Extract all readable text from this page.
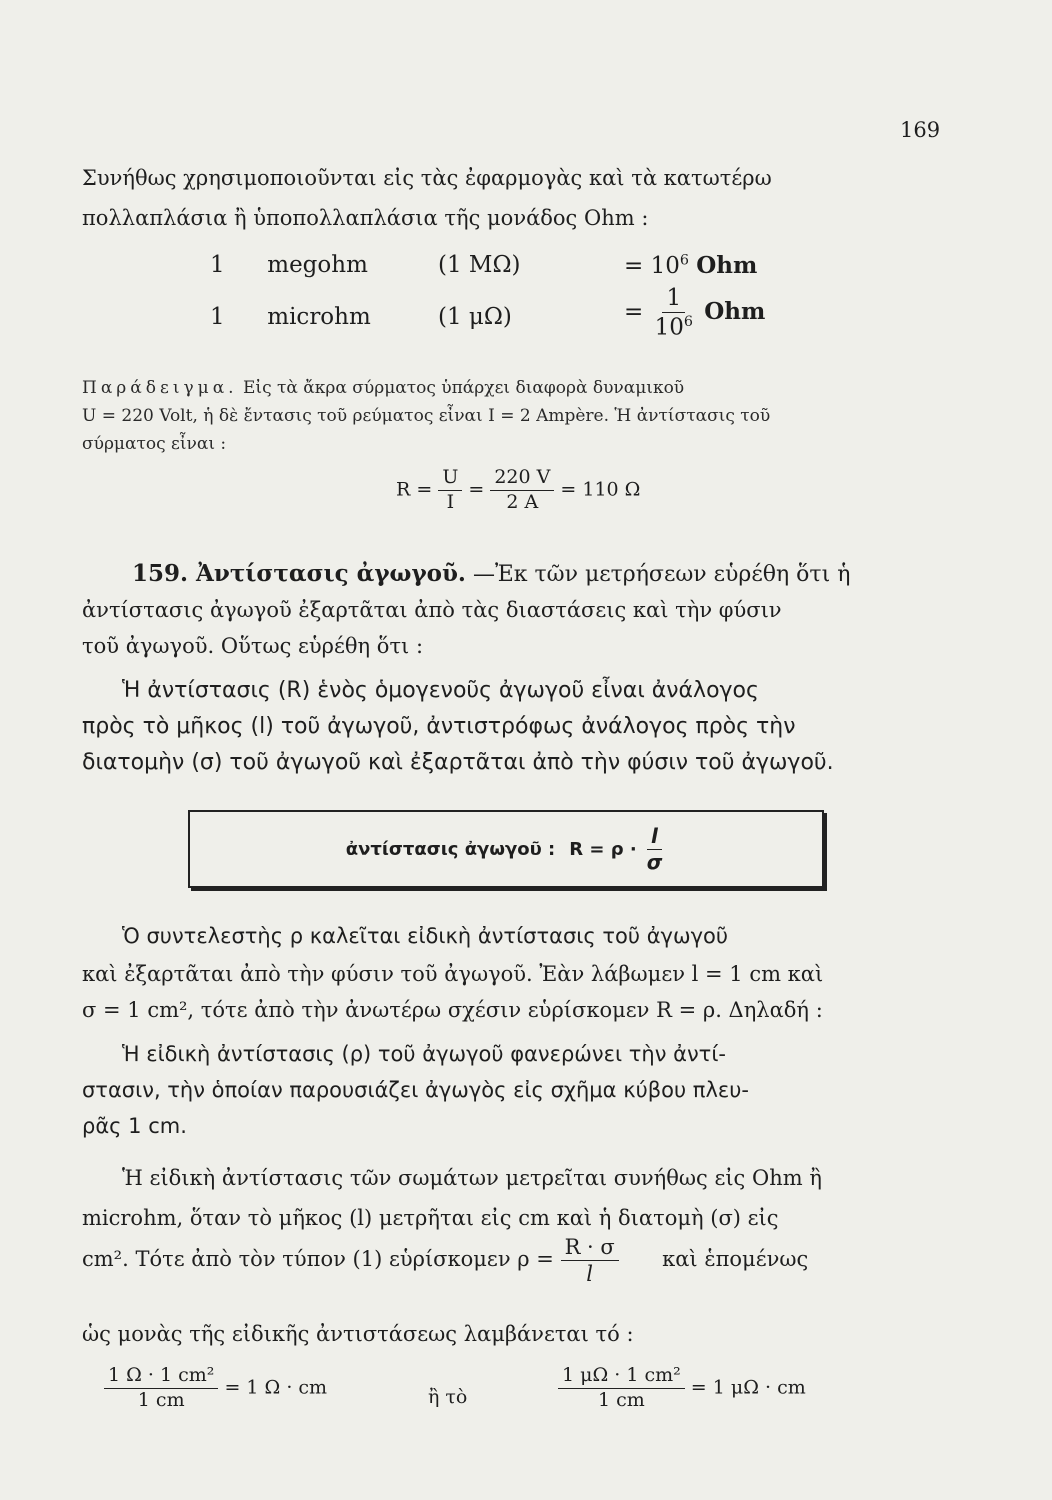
169
Συνήθως χρησιμοποιοῦνται εἰς τὰς ἐφαρμογὰς καὶ τὰ κατωτέρω
πολλαπλάσια ἢ ὑποπολλαπλάσια τῆς μονάδος Ohm :
1 megohm	(1 MΩ)	= $10^6$ Ohm
1 microhm	(1 μΩ)	= $\frac{1}{10^6}$ Ohm
Παράδειγμα. Εἰς τὰ ἄκρα σύρματος ὑπάρχει διαφορὰ δυναμικοῦ
U = 220 Volt, ἡ δὲ ἔντασις τοῦ ρεύματος εἶναι I = 2 Ampère. Ἡ ἀντίστασις τοῦ
σύρματος εἶναι :
$R = \frac{U}{I} = \frac{220 V}{2 A} = 110$ Ω
159. Ἀντίστασις ἀγωγοῦ. —Ἐκ τῶν μετρήσεων εὑρέθη ὅτι ἡ
ἀντίστασις ἀγωγοῦ ἐξαρτᾶται ἀπὸ τὰς διαστάσεις καὶ τὴν φύσιν
τοῦ ἀγωγοῦ. Οὕτως εὑρέθη ὅτι :
Ἡ ἀντίστασις (R) ἑνὸς ὁμογενοῦς ἀγωγοῦ εἶναι ἀνάλογος
πρὸς τὸ μῆκος (l) τοῦ ἀγωγοῦ, ἀντιστρόφως ἀνάλογος πρὸς τὴν
διατομὴν (σ) τοῦ ἀγωγοῦ καὶ ἐξαρτᾶται ἀπὸ τὴν φύσιν τοῦ ἀγωγοῦ.
ἀντίστασις ἀγωγοῦ : $R = \rho \cdot \frac{l}{\sigma}$
Ὁ συντελεστὴς ρ καλεῖται εἰδικὴ ἀντίστασις τοῦ ἀγωγοῦ
καὶ ἐξαρτᾶται ἀπὸ τὴν φύσιν τοῦ ἀγωγοῦ. Ἐὰν λάβωμεν l = 1 cm καὶ
σ = 1 cm², τότε ἀπὸ τὴν ἀνωτέρω σχέσιν εὑρίσκομεν R = ρ. Δηλαδή :
Ἡ εἰδικὴ ἀντίστασις (ρ) τοῦ ἀγωγοῦ φανερώνει τὴν ἀντί-
στασιν, τὴν ὁποίαν παρουσιάζει ἀγωγὸς εἰς σχῆμα κύβου πλευ-
ρᾶς 1 cm.
Ἡ εἰδικὴ ἀντίστασις τῶν σωμάτων μετρεῖται συνήθως εἰς Ohm ἢ
microhm, ὅταν τὸ μῆκος (l) μετρῆται εἰς cm καὶ ἡ διατομὴ (σ) εἰς
cm². Τότε ἀπὸ τὸν τύπον (1) εὑρίσκομεν $\rho = \frac{R \cdot \sigma}{l}$ καὶ ἑπομένως
ὡς μονὰς τῆς εἰδικῆς ἀντιστάσεως λαμβάνεται τό :
$\frac{\text{1 Ω · 1 cm²}}{1 cm} = 1$ Ω · cm	ἢ τὸ	$\frac{\text{1 μΩ · 1 cm²}}{1 cm} = 1$ μΩ · cm
